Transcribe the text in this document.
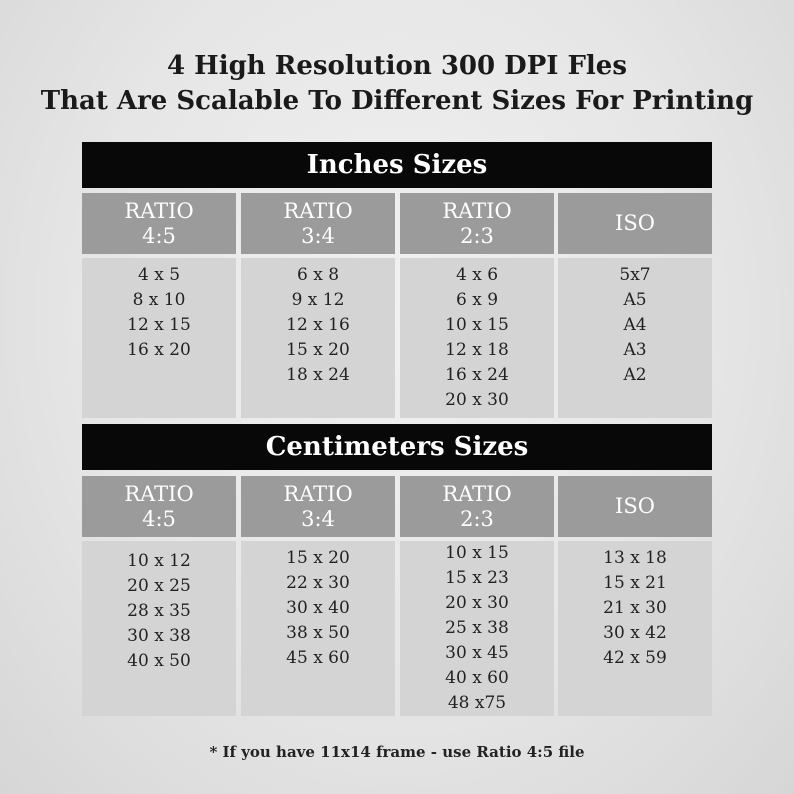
4 High Resolution 300 DPI Fles
That Are Scalable To Different Sizes For Printing
Inches Sizes
RATIO
4:5
RATIO
3:4
RATIO
2:3
ISO
4 x 5
8 x 10
12 x 15
16 x 20
6 x 8
9 x 12
12 x 16
15 x 20
18 x 24
4 x 6
6 x 9
10 x 15
12 x 18
16 x 24
20 x 30
5x7
A5
A4
A3
A2
Centimeters Sizes
RATIO
4:5
RATIO
3:4
RATIO
2:3
ISO
10 x 12
20 x 25
28 x 35
30 x 38
40 x 50
15 x 20
22 x 30
30 x 40
38 x 50
45 x 60
10 x 15
15 x 23
20 x 30
25 x 38
30 x 45
40 x 60
48 x75
13 x 18
15 x 21
21 x 30
30 x 42
42 x 59
* If you have 11x14 frame - use Ratio 4:5 file
